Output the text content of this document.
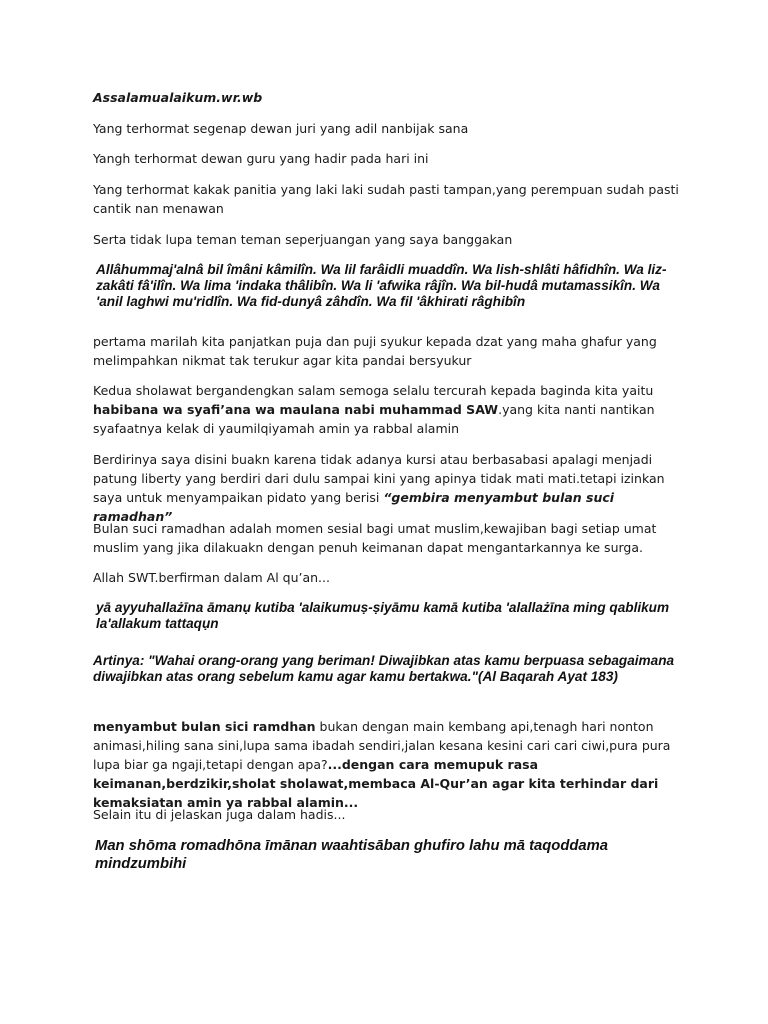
Assalamualaikum.wr.wb
Yang terhormat segenap dewan juri yang adil nanbijak sana
Yangh terhormat dewan guru yang hadir pada hari ini
Yang terhormat kakak panitia yang laki laki sudah pasti tampan,yang perempuan sudah pasti cantik nan menawan
Serta tidak lupa teman teman seperjuangan yang saya banggakan
Allâhummaj'alnâ bil îmâni kâmilîn. Wa lil farâidli muaddîn. Wa lish-shlâti hâfidhîn. Wa liz-zakâti fâ'ilîn. Wa lima 'indaka thâlibîn. Wa li 'afwika râjîn. Wa bil-hudâ mutamassikîn. Wa 'anil laghwi mu'ridlîn. Wa fid-dunyâ zâhdîn. Wa fil 'âkhirati râghibîn
pertama marilah kita panjatkan puja dan puji syukur kepada dzat yang maha ghafur yang melimpahkan nikmat tak terukur agar kita pandai bersyukur
Kedua sholawat bergandengkan salam semoga selalu tercurah kepada baginda kita yaitu habibana wa syafi’ana wa maulana nabi muhammad SAW.yang kita nanti nantikan syafaatnya kelak di yaumilqiyamah amin ya rabbal alamin
Berdirinya saya disini buakn karena tidak adanya kursi atau berbasabasi apalagi menjadi patung liberty yang berdiri dari dulu sampai kini yang apinya tidak mati mati.tetapi izinkan saya untuk menyampaikan pidato yang berisi “gembira menyambut bulan suci ramadhan”
Bulan suci ramadhan adalah momen sesial bagi umat muslim,kewajiban bagi setiap umat muslim yang jika dilakuakn dengan penuh keimanan dapat mengantarkannya ke surga.
Allah SWT.berfirman dalam Al qu’an...
yā ayyuhallażīna āmanụ kutiba 'alaikumuṣ-ṣiyāmu kamā kutiba 'alallażīna ming qablikum la'allakum tattaqụn
Artinya: "Wahai orang-orang yang beriman! Diwajibkan atas kamu berpuasa sebagaimana diwajibkan atas orang sebelum kamu agar kamu bertakwa."(Al Baqarah Ayat 183)
menyambut bulan sici ramdhan bukan dengan main kembang api,tenagh hari nonton animasi,hiling sana sini,lupa sama ibadah sendiri,jalan kesana kesini cari cari ciwi,pura pura lupa biar ga ngaji,tetapi dengan apa?...dengan cara memupuk rasa keimanan,berdzikir,sholat sholawat,membaca Al-Qur’an agar kita terhindar dari kemaksiatan amin ya rabbal alamin...
Selain itu di jelaskan juga dalam hadis...
Man shōma romadhōna īmānan waahtisāban ghufiro lahu mā taqoddama mindzumbihi
